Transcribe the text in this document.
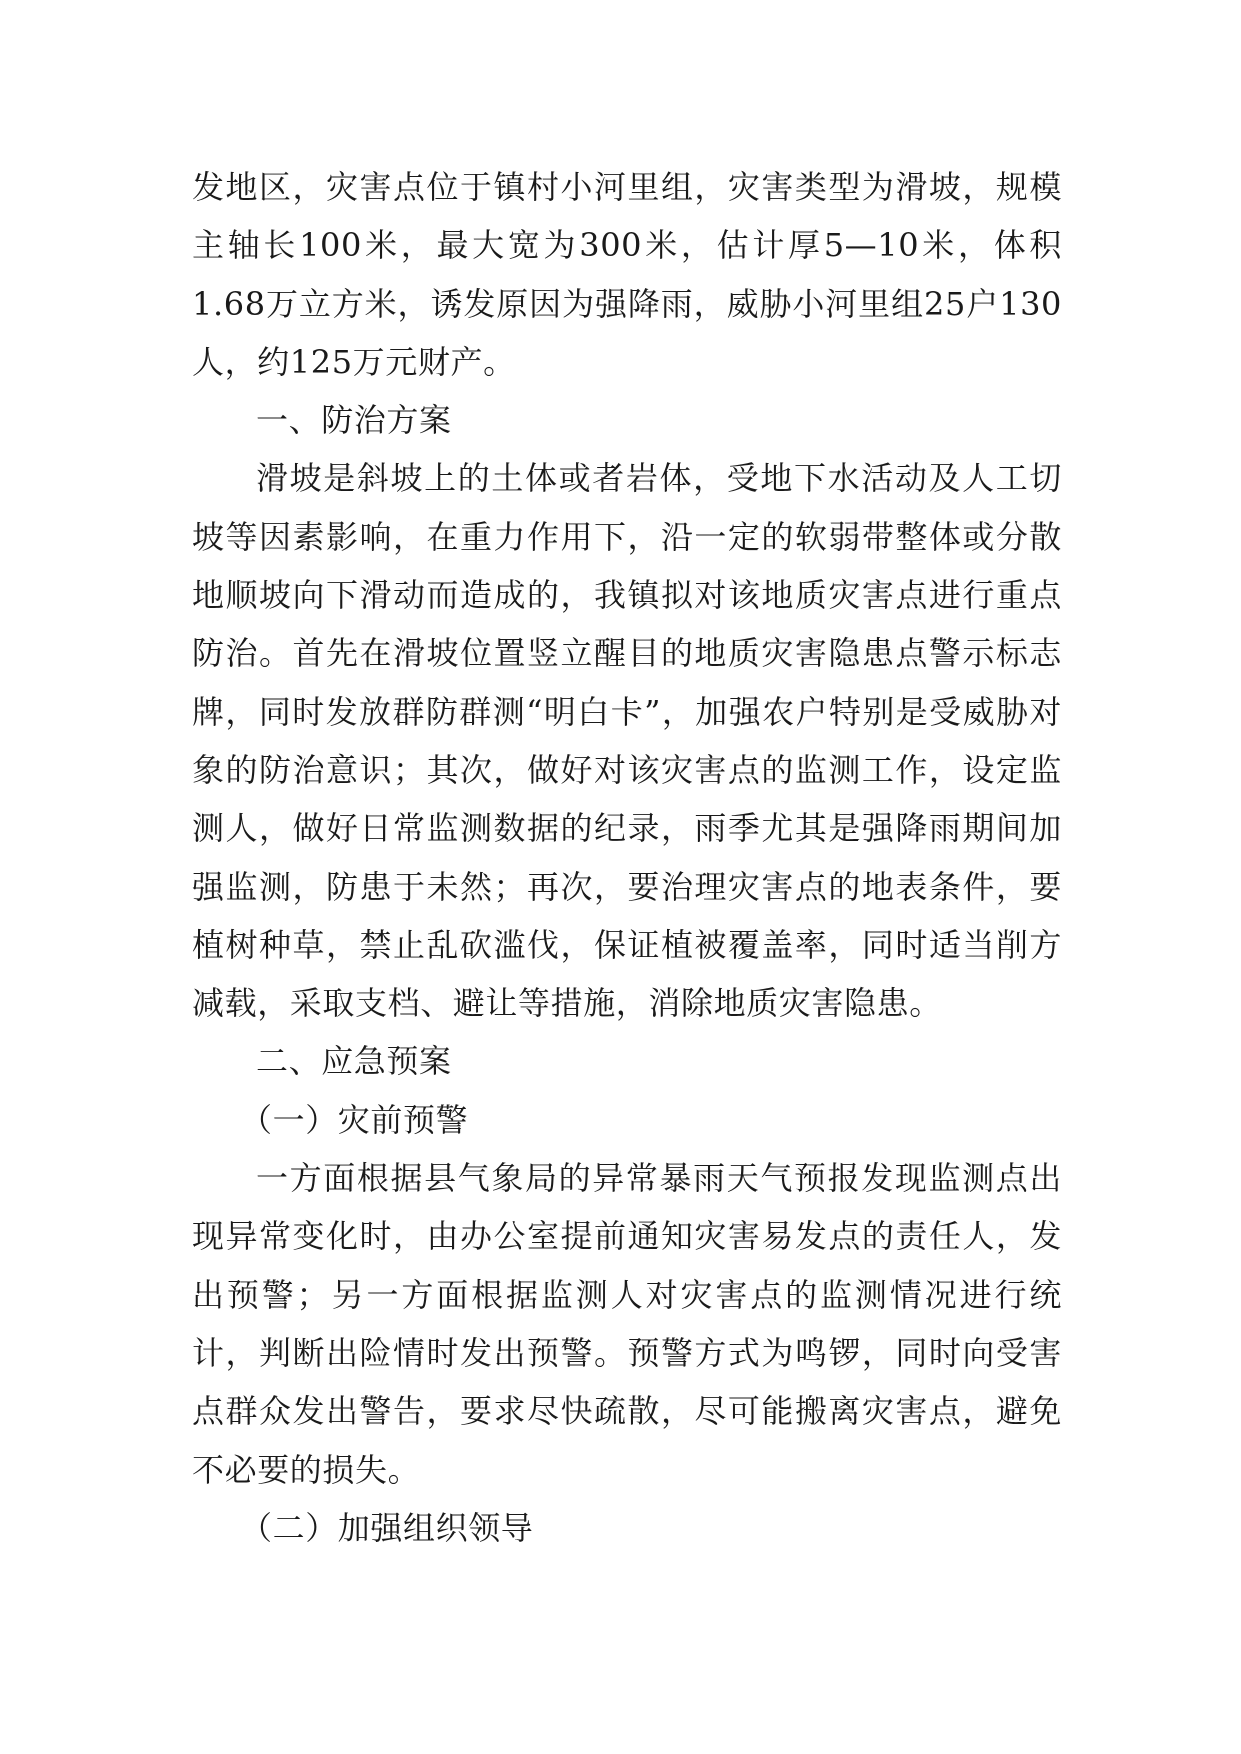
发地区，灾害点位于镇村小河里组，灾害类型为滑坡，规模主轴长100米，最大宽为300米，估计厚5—10米，体积1.68万立方米，诱发原因为强降雨，威胁小河里组25户130人，约125万元财产。

一、防治方案

滑坡是斜坡上的土体或者岩体，受地下水活动及人工切坡等因素影响，在重力作用下，沿一定的软弱带整体或分散地顺坡向下滑动而造成的，我镇拟对该地质灾害点进行重点防治。首先在滑坡位置竖立醒目的地质灾害隐患点警示标志牌，同时发放群防群测“明白卡”，加强农户特别是受威胁对象的防治意识；其次，做好对该灾害点的监测工作，设定监测人，做好日常监测数据的纪录，雨季尤其是强降雨期间加强监测，防患于未然；再次，要治理灾害点的地表条件，要植树种草，禁止乱砍滥伐，保证植被覆盖率，同时适当削方减载，采取支档、避让等措施，消除地质灾害隐患。

二、应急预案

（一）灾前预警

一方面根据县气象局的异常暴雨天气预报发现监测点出现异常变化时，由办公室提前通知灾害易发点的责任人，发出预警；另一方面根据监测人对灾害点的监测情况进行统计，判断出险情时发出预警。预警方式为鸣锣，同时向受害点群众发出警告，要求尽快疏散，尽可能搬离灾害点，避免不必要的损失。

（二）加强组织领导
